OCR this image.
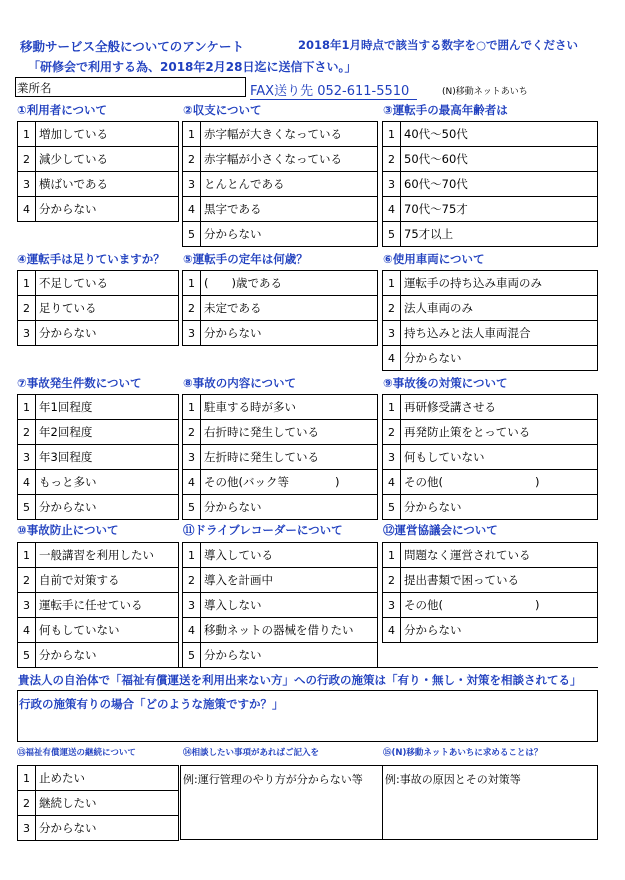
移動サービス全般についてのアンケート	2018年1月時点で該当する数字を○で囲んでください
「研修会で利用する為、2018年2月28日迄に送信下さい。」
業所名	FAX送り先 052-611-5510	(N)移動ネットあいち
①利用者について	②収支について	③運転手の最高年齢者は
1	増加している
2	減少している
3	横ばいである
4	分からない
1	赤字幅が大きくなっている
2	赤字幅が小さくなっている
3	とんとんである
4	黒字である
5	分からない
1	40代～50代
2	50代～60代
3	60代～70代
4	70代～75才
5	75才以上
④運転手は足りていますか？ ⑤運転手の定年は何歳？	⑥使用車両について
1	不足している
2	足りている
3	分からない
1	(　　)歳である
2	未定である
3	分からない
1	運転手の持ち込み車両のみ
2	法人車両のみ
3	持ち込みと法人車両混合
4	分からない
⑦事故発生件数について	⑧事故の内容について	⑨事故後の対策について
1	年1回程度
2	年2回程度
3	年3回程度
4	もっと多い
5	分からない
1	駐車する時が多い
2	右折時に発生している
3	左折時に発生している
4	その他(バック等　　　　)
5	分からない
1	再研修受講させる
2	再発防止策をとっている
3	何もしていない
4	その他(　　　　　　　　)
5	分からない
⑩事故防止について	⑪ドライブレコーダーについて	⑫運営協議会について
1	一般講習を利用したい
2	自前で対策する
3	運転手に任せている
4	何もしていない
5	分からない
1	導入している
2	導入を計画中
3	導入しない
4	移動ネットの器械を借りたい
5	分からない
1	問題なく運営されている
2	提出書類で困っている
3	その他(　　　　　　　　)
4	分からない
貴法人の自治体で「福祉有償運送を利用出来ない方」への行政の施策は「有り・無し・対策を相談されてる」
行政の施策有りの場合「どのような施策ですか？」
⑬福祉有償運送の継続について	⑭相談したい事項があればご記入を	⑮(N)移動ネットあいちに求めることは？
1	止めたい
2	継続したい
3	分からない
例:運行管理のやり方が分からない等	例:事故の原因とその対策等
